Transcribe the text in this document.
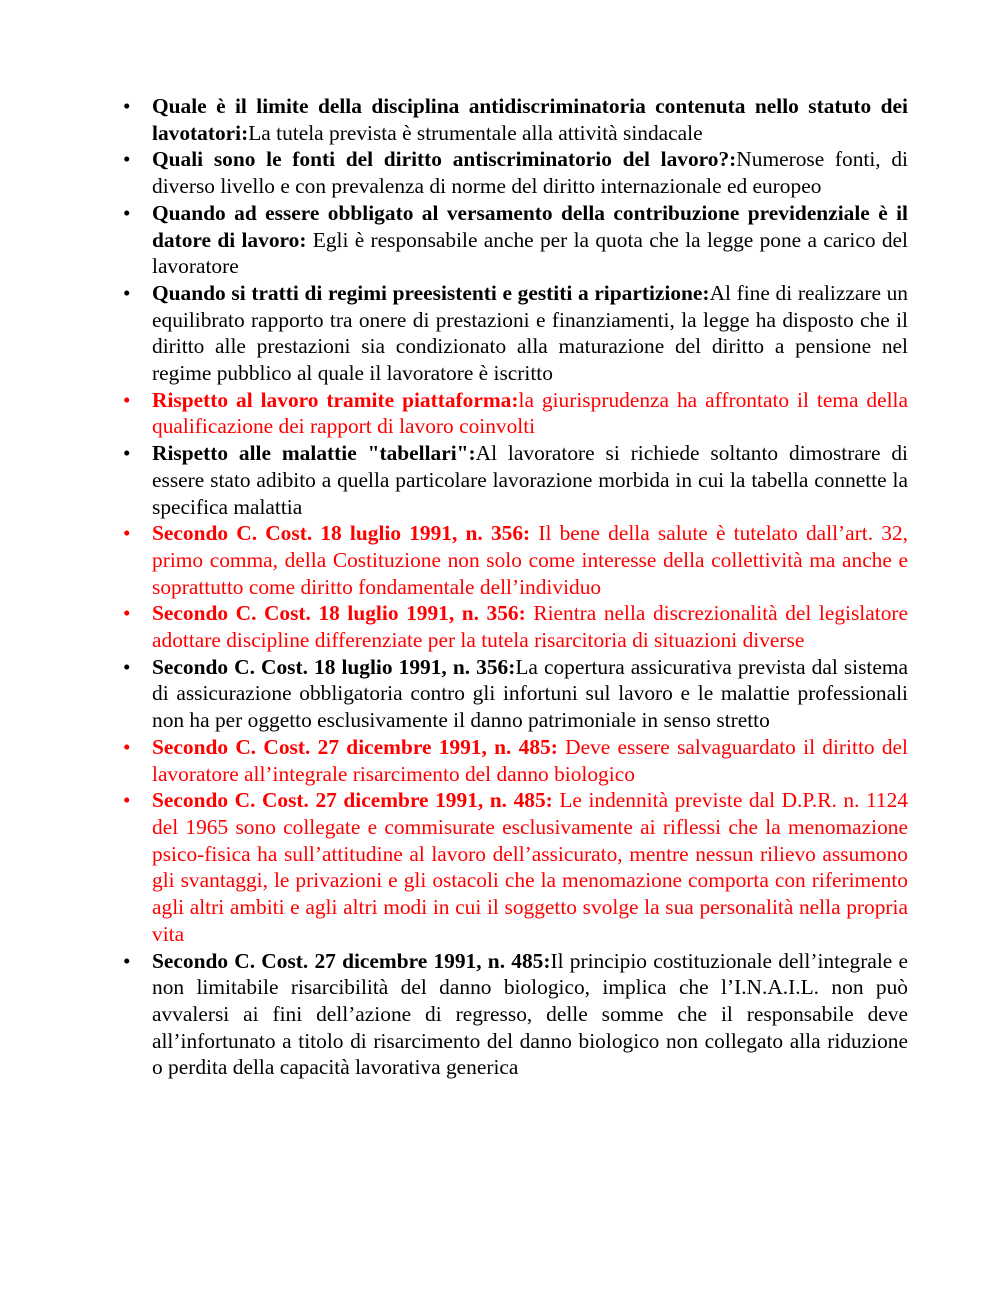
• Quale è il limite della disciplina antidiscriminatoria contenuta nello statuto dei lavotatori:La tutela prevista è strumentale alla attività sindacale
• Quali sono le fonti del diritto antiscriminatorio del lavoro?:Numerose fonti, di diverso livello e con prevalenza di norme del diritto internazionale ed europeo
• Quando ad essere obbligato al versamento della contribuzione previdenziale è il datore di lavoro: Egli è responsabile anche per la quota che la legge pone a carico del lavoratore
• Quando si tratti di regimi preesistenti e gestiti a ripartizione:Al fine di realizzare un equilibrato rapporto tra onere di prestazioni e finanziamenti, la legge ha disposto che il diritto alle prestazioni sia condizionato alla maturazione del diritto a pensione nel regime pubblico al quale il lavoratore è iscritto
• Rispetto al lavoro tramite piattaforma:la giurisprudenza ha affrontato il tema della qualificazione dei rapport di lavoro coinvolti
• Rispetto alle malattie "tabellari":Al lavoratore si richiede soltanto dimostrare di essere stato adibito a quella particolare lavorazione morbida in cui la tabella connette la specifica malattia
• Secondo C. Cost. 18 luglio 1991, n. 356: Il bene della salute è tutelato dall’art. 32, primo comma, della Costituzione non solo come interesse della collettività ma anche e soprattutto come diritto fondamentale dell’individuo
• Secondo C. Cost. 18 luglio 1991, n. 356: Rientra nella discrezionalità del legislatore adottare discipline differenziate per la tutela risarcitoria di situazioni diverse
• Secondo C. Cost. 18 luglio 1991, n. 356:La copertura assicurativa prevista dal sistema di assicurazione obbligatoria contro gli infortuni sul lavoro e le malattie professionali non ha per oggetto esclusivamente il danno patrimoniale in senso stretto
• Secondo C. Cost. 27 dicembre 1991, n. 485: Deve essere salvaguardato il diritto del lavoratore all’integrale risarcimento del danno biologico
• Secondo C. Cost. 27 dicembre 1991, n. 485: Le indennità previste dal D.P.R. n. 1124 del 1965 sono collegate e commisurate esclusivamente ai riflessi che la menomazione psico-fisica ha sull’attitudine al lavoro dell’assicurato, mentre nessun rilievo assumono gli svantaggi, le privazioni e gli ostacoli che la menomazione comporta con riferimento agli altri ambiti e agli altri modi in cui il soggetto svolge la sua personalità nella propria vita
• Secondo C. Cost. 27 dicembre 1991, n. 485:Il principio costituzionale dell’integrale e non limitabile risarcibilità del danno biologico, implica che l’I.N.A.I.L. non può avvalersi ai fini dell’azione di regresso, delle somme che il responsabile deve all’infortunato a titolo di risarcimento del danno biologico non collegato alla riduzione o perdita della capacità lavorativa generica
